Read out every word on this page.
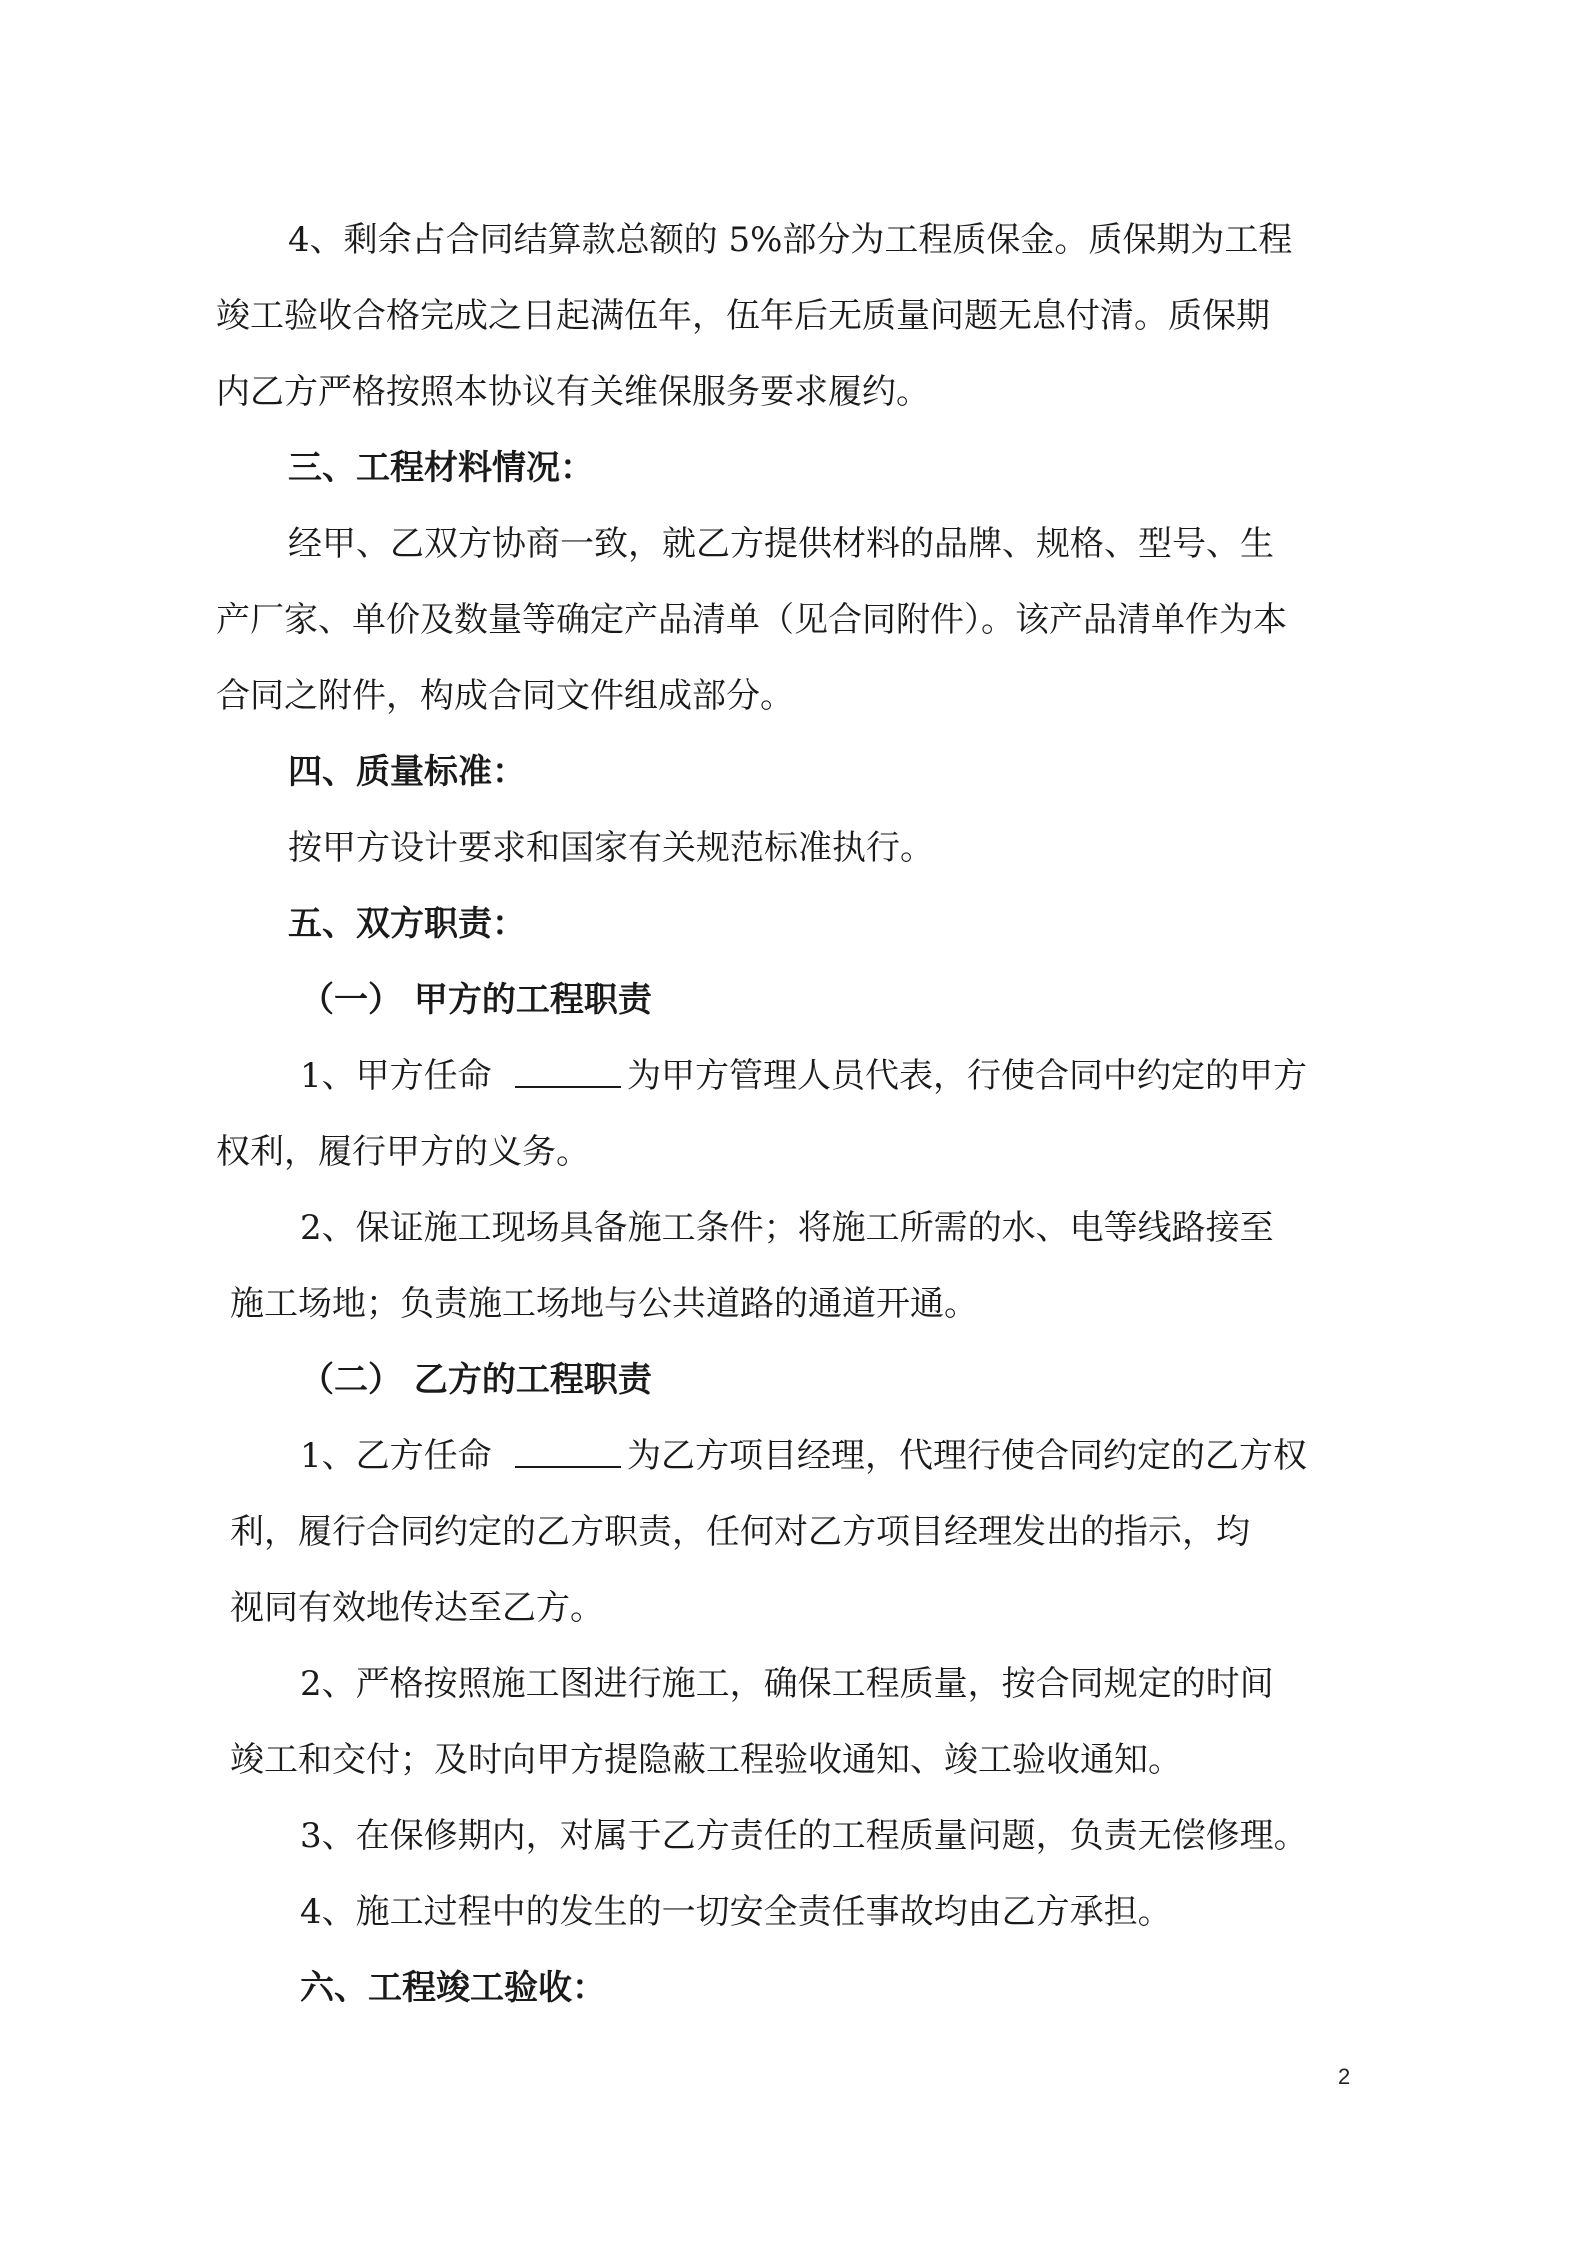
4、剩余占合同结算款总额的 5%部分为工程质保金。质保期为工程
竣工验收合格完成之日起满伍年，伍年后无质量问题无息付清。质保期
内乙方严格按照本协议有关维保服务要求履约。
三、工程材料情况：
经甲、乙双方协商一致，就乙方提供材料的品牌、规格、型号、生
产厂家、单价及数量等确定产品清单（见合同附件）。该产品清单作为本
合同之附件，构成合同文件组成部分。
四、质量标准：
按甲方设计要求和国家有关规范标准执行。
五、双方职责：
（一） 甲方的工程职责
1、甲方任命	为甲方管理人员代表，行使合同中约定的甲方
权利，履行甲方的义务。
2、保证施工现场具备施工条件；将施工所需的水、电等线路接至
施工场地；负责施工场地与公共道路的通道开通。
（二） 乙方的工程职责
1、乙方任命	为乙方项目经理，代理行使合同约定的乙方权
利，履行合同约定的乙方职责，任何对乙方项目经理发出的指示，均
视同有效地传达至乙方。
2、严格按照施工图进行施工，确保工程质量，按合同规定的时间
竣工和交付；及时向甲方提隐蔽工程验收通知、竣工验收通知。
3、在保修期内，对属于乙方责任的工程质量问题，负责无偿修理。
4、施工过程中的发生的一切安全责任事故均由乙方承担。
六、工程竣工验收：
2
